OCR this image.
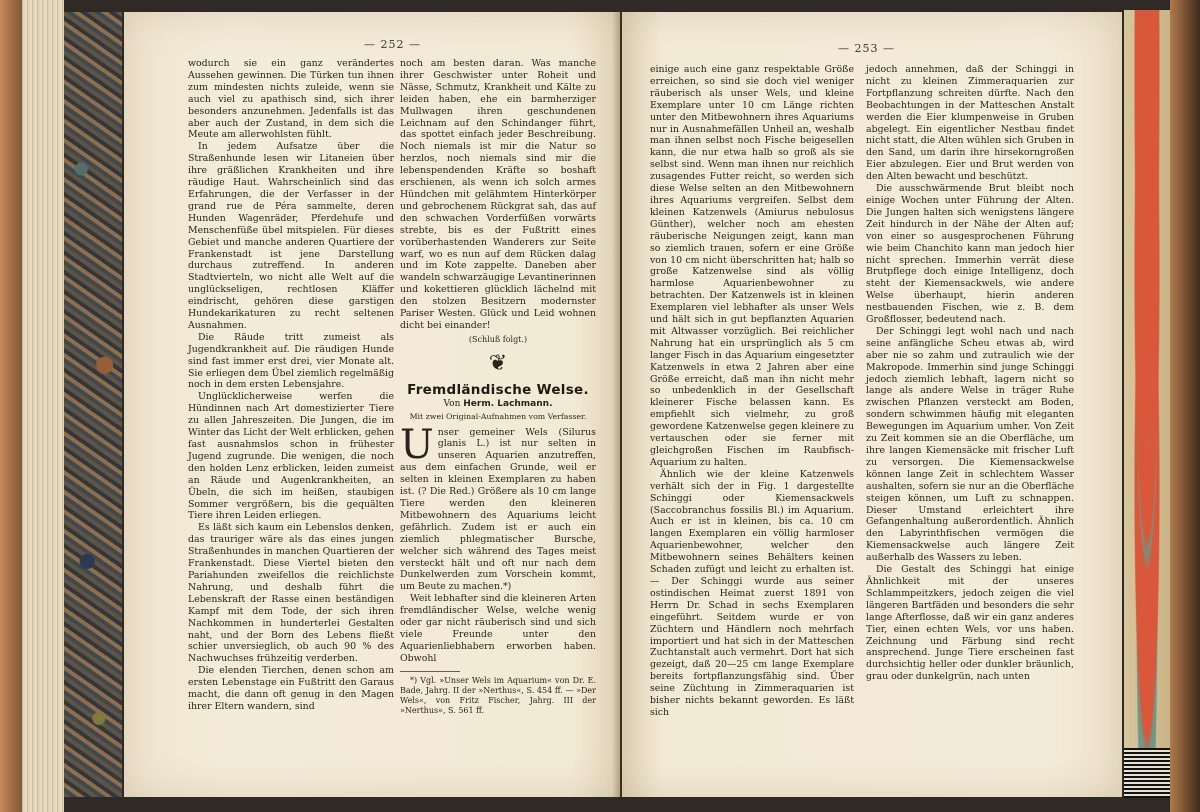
— 252 —

wodurch sie ein ganz verändertes Aussehen gewinnen. Die Türken tun ihnen zum mindesten nichts zuleide, wenn sie auch viel zu apathisch sind, sich ihrer besonders anzunehmen. Jedenfalls ist das aber auch der Zustand, in dem sich die Meute am allerwohlsten fühlt.

In jedem Aufsatze über die Straßenhunde lesen wir Litaneien über ihre gräßlichen Krankheiten und ihre räudige Haut. Wahrscheinlich sind das Erfahrungen, die der Verfasser in der grand rue de Péra sammelte, deren Hunden Wagenräder, Pferdehufe und Menschenfüße übel mitspielen. Für dieses Gebiet und manche anderen Quartiere der Frankenstadt ist jene Darstellung durchaus zutreffend. In anderen Stadtvierteln, wo nicht alle Welt auf die unglückseligen, rechtlosen Kläffer eindrischt, gehören diese garstigen Hundekarikaturen zu recht seltenen Ausnahmen.

Die Räude tritt zumeist als Jugendkrankheit auf. Die räudigen Hunde sind fast immer erst drei, vier Monate alt. Sie erliegen dem Übel ziemlich regelmäßig noch in dem ersten Lebensjahre.

Unglücklicherweise werfen die Hündinnen nach Art domestizierter Tiere zu allen Jahreszeiten. Die Jungen, die im Winter das Licht der Welt erblicken, gehen fast ausnahmslos schon in frühester Jugend zugrunde. Die wenigen, die noch den holden Lenz erblicken, leiden zumeist an Räude und Augenkrankheiten, an Übeln, die sich im heißen, staubigen Sommer vergrößern, bis die gequälten Tiere ihren Leiden erliegen.

Es läßt sich kaum ein Lebenslos denken, das trauriger wäre als das eines jungen Straßenhundes in manchen Quartieren der Frankenstadt. Diese Viertel bieten den Pariahunden zweifellos die reichlichste Nahrung, und deshalb führt die Lebenskraft der Rasse einen beständigen Kampf mit dem Tode, der sich ihren Nachkommen in hunderterlei Gestalten naht, und der Born des Lebens fließt schier unversieglich, ob auch 90 % des Nachwuchses frühzeitig verderben.

Die elenden Tierchen, denen schon am ersten Lebenstage ein Fußtritt den Garaus macht, die dann oft genug in den Magen ihrer Eltern wandern, sind

noch am besten daran. Was manche ihrer Geschwister unter Roheit und Nässe, Schmutz, Krankheit und Kälte zu leiden haben, ehe ein barmherziger Mullwagen ihren geschundenen Leichnam auf den Schindanger führt, das spottet einfach jeder Beschreibung. Noch niemals ist mir die Natur so herzlos, noch niemals sind mir die lebenspendenden Kräfte so boshaft erschienen, als wenn ich solch armes Hündchen mit gelähmtem Hinterkörper und gebrochenem Rückgrat sah, das auf den schwachen Vorderfüßen vorwärts strebte, bis es der Fußtritt eines vorüberhastenden Wanderers zur Seite warf, wo es nun auf dem Rücken dalag und im Kote zappelte. Daneben aber wandeln schwarzäugige Levantinerinnen und kokettieren glücklich lächelnd mit den stolzen Besitzern modernster Pariser Westen. Glück und Leid wohnen dicht bei einander!

(Schluß folgt.)

❦
Fremdländische Welse.
Von Herm. Lachmann.
Mit zwei Original-Aufnahmen vom Verfasser.
U nser gemeiner Wels (Silurus glanis L.) ist nur selten in unseren Aquarien anzutreffen, aus dem einfachen Grunde, weil er selten in kleinen Exemplaren zu haben ist. (? Die Red.) Größere als 10 cm lange Tiere werden den kleineren Mitbewohnern des Aquariums leicht gefährlich. Zudem ist er auch ein ziemlich phlegmatischer Bursche, welcher sich während des Tages meist versteckt hält und oft nur nach dem Dunkelwerden zum Vorschein kommt, um Beute zu machen.*)

Weit lebhafter sind die kleineren Arten fremdländischer Welse, welche wenig oder gar nicht räuberisch sind und sich viele Freunde unter den Aquarienliebhabern erworben haben. Obwohl

*) Vgl. »Unser Wels im Aquarium« von Dr. E. Bade, Jahrg. II der »Nerthus«, S. 454 ff. — »Der Wels«, von Fritz Fischer, Jahrg. III der »Nerthus«, S. 561 ff.

— 253 —

einige auch eine ganz respektable Größe erreichen, so sind sie doch viel weniger räuberisch als unser Wels, und kleine Exemplare unter 10 cm Länge richten unter den Mitbewohnern ihres Aquariums nur in Ausnahmefällen Unheil an, weshalb man ihnen selbst noch Fische beigesellen kann, die nur etwa halb so groß als sie selbst sind. Wenn man ihnen nur reichlich zusagendes Futter reicht, so werden sich diese Welse selten an den Mitbewohnern ihres Aquariums vergreifen. Selbst dem kleinen Katzenwels (Amiurus nebulosus Günther), welcher noch am ehesten räuberische Neigungen zeigt, kann man so ziemlich trauen, sofern er eine Größe von 10 cm nicht überschritten hat; halb so große Katzenwelse sind als völlig harmlose Aquarienbewohner zu betrachten. Der Katzenwels ist in kleinen Exemplaren viel lebhafter als unser Wels und hält sich in gut bepflanzten Aquarien mit Altwasser vorzüglich. Bei reichlicher Nahrung hat ein ursprünglich als 5 cm langer Fisch in das Aquarium eingesetzter Katzenwels in etwa 2 Jahren aber eine Größe erreicht, daß man ihn nicht mehr so unbedenklich in der Gesellschaft kleinerer Fische belassen kann. Es empfiehlt sich vielmehr, zu groß gewordene Katzenwelse gegen kleinere zu vertauschen oder sie ferner mit gleichgroßen Fischen im Raubfisch-Aquarium zu halten.

Ähnlich wie der kleine Katzenwels verhält sich der in Fig. 1 dargestellte Schinggi oder Kiemensackwels (Saccobranchus fossilis Bl.) im Aquarium. Auch er ist in kleinen, bis ca. 10 cm langen Exemplaren ein völlig harmloser Aquarienbewohner, welcher den Mitbewohnern seines Behälters keinen Schaden zufügt und leicht zu erhalten ist. — Der Schinggi wurde aus seiner ostindischen Heimat zuerst 1891 von Herrn Dr. Schad in sechs Exemplaren eingeführt. Seitdem wurde er von Züchtern und Händlern noch mehrfach importiert und hat sich in der Matteschen Zuchtanstalt auch vermehrt. Dort hat sich gezeigt, daß 20—25 cm lange Exemplare bereits fortpflanzungsfähig sind. Über seine Züchtung in Zimmeraquarien ist bisher nichts bekannt geworden. Es läßt sich

jedoch annehmen, daß der Schinggi in nicht zu kleinen Zimmeraquarien zur Fortpflanzung schreiten dürfte. Nach den Beobachtungen in der Matteschen Anstalt werden die Eier klumpenweise in Gruben abgelegt. Ein eigentlicher Nestbau findet nicht statt, die Alten wühlen sich Gruben in den Sand, um darin ihre hirsekorngroßen Eier abzulegen. Eier und Brut werden von den Alten bewacht und beschützt.

Die ausschwärmende Brut bleibt noch einige Wochen unter Führung der Alten. Die Jungen halten sich wenigstens längere Zeit hindurch in der Nähe der Alten auf; von einer so ausgesprochenen Führung wie beim Chanchito kann man jedoch hier nicht sprechen. Immerhin verrät diese Brutpflege doch einige Intelligenz, doch steht der Kiemensackwels, wie andere Welse überhaupt, hierin anderen nestbauenden Fischen, wie z. B. dem Großflosser, bedeutend nach.

Der Schinggi legt wohl nach und nach seine anfängliche Scheu etwas ab, wird aber nie so zahm und zutraulich wie der Makropode. Immerhin sind junge Schinggi jedoch ziemlich lebhaft, lagern nicht so lange als andere Welse in träger Ruhe zwischen Pflanzen versteckt am Boden, sondern schwimmen häufig mit eleganten Bewegungen im Aquarium umher. Von Zeit zu Zeit kommen sie an die Oberfläche, um ihre langen Kiemensäcke mit frischer Luft zu versorgen. Die Kiemensackwelse können lange Zeit in schlechtem Wasser aushalten, sofern sie nur an die Oberfläche steigen können, um Luft zu schnappen. Dieser Umstand erleichtert ihre Gefangenhaltung außerordentlich. Ähnlich den Labyrinthfischen vermögen die Kiemensackwelse auch längere Zeit außerhalb des Wassers zu leben.

Die Gestalt des Schinggi hat einige Ähnlichkeit mit der unseres Schlammpeitzkers, jedoch zeigen die viel längeren Bartfäden und besonders die sehr lange Afterflosse, daß wir ein ganz anderes Tier, einen echten Wels, vor uns haben. Zeichnung und Färbung sind recht ansprechend. Junge Tiere erscheinen fast durchsichtig heller oder dunkler bräunlich, grau oder dunkelgrün, nach unten
